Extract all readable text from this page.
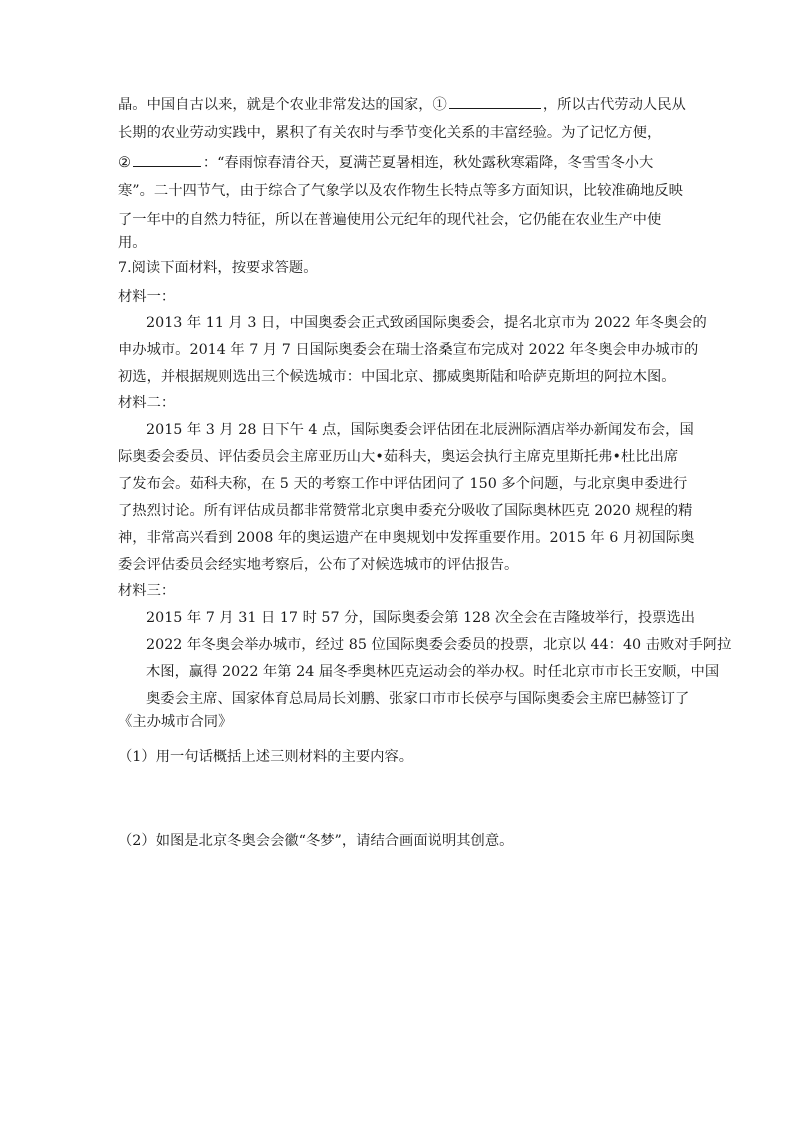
晶。中国自古以来，就是个农业非常发达的国家，①	，所以古代劳动人民从
长期的农业劳动实践中，累积了有关农时与季节变化关系的丰富经验。为了记忆方便，
②	：“春雨惊春清谷天，夏满芒夏暑相连，秋处露秋寒霜降，冬雪雪冬小大
寒”。二十四节气，由于综合了气象学以及农作物生长特点等多方面知识，比较准确地反映
了一年中的自然力特征，所以在普遍使用公元纪年的现代社会，它仍能在农业生产中使
用。
7.阅读下面材料，按要求答题。
材料一：
2013 年 11 月 3 日，中国奥委会正式致函国际奥委会，提名北京市为 2022 年冬奥会的
申办城市。2014 年 7 月 7 日国际奥委会在瑞士洛桑宣布完成对 2022 年冬奥会申办城市的
初选，并根据规则选出三个候选城市：中国北京、挪威奥斯陆和哈萨克斯坦的阿拉木图。
材料二：
2015 年 3 月 28 日下午 4 点，国际奥委会评估团在北辰洲际酒店举办新闻发布会，国
际奥委会委员、评估委员会主席亚历山大•茹科夫，奥运会执行主席克里斯托弗•杜比出席
了发布会。茹科夫称，在 5 天的考察工作中评估团问了 150 多个问题，与北京奥申委进行
了热烈讨论。所有评估成员都非常赞常北京奥申委充分吸收了国际奥林匹克 2020 规程的精
神，非常高兴看到 2008 年的奥运遗产在申奥规划中发挥重要作用。2015 年 6 月初国际奥
委会评估委员会经实地考察后，公布了对候选城市的评估报告。
材料三：
2015 年 7 月 31 日 17 时 57 分，国际奥委会第 128 次全会在吉隆坡举行，投票选出
2022 年冬奥会举办城市，经过 85 位国际奥委会委员的投票，北京以 44：40 击败对手阿拉
木图，赢得 2022 年第 24 届冬季奥林匹克运动会的举办权。时任北京市市长王安顺，中国
奥委会主席、国家体育总局局长刘鹏、张家口市市长侯亭与国际奥委会主席巴赫签订了
《主办城市合同》
（1）用一句话概括上述三则材料的主要内容。
（2）如图是北京冬奥会会徽“冬梦”，请结合画面说明其创意。
